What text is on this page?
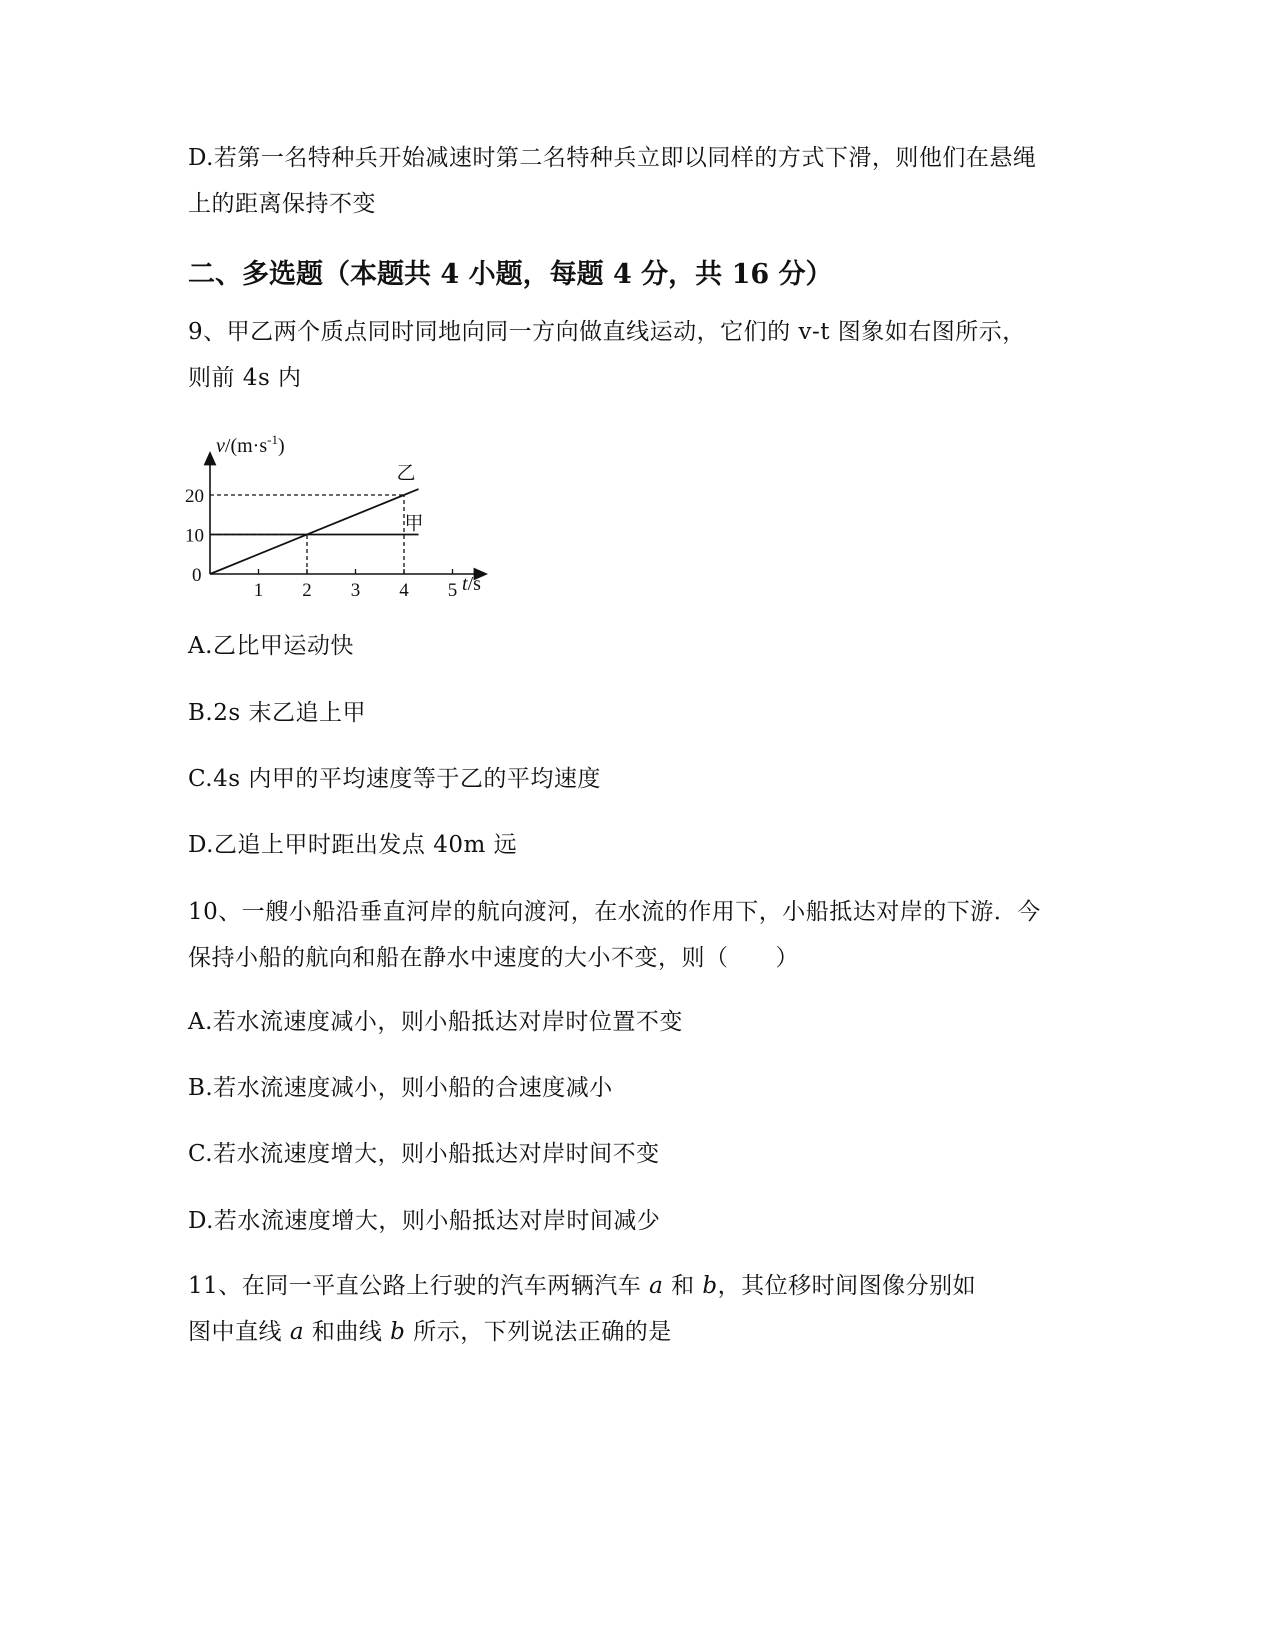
D.若第一名特种兵开始减速时第二名特种兵立即以同样的方式下滑，则他们在悬绳
上的距离保持不变
二、多选题（本题共 4 小题，每题 4 分，共 16 分）
9、甲乙两个质点同时同地向同一方向做直线运动，它们的 v-t 图象如右图所示，
则前 4s 内
1 2 3 4 5
10
20
甲
乙
$v/(m\cdot s^{-1})$
t/s
0
A.乙比甲运动快
B.2s 末乙追上甲
C.4s 内甲的平均速度等于乙的平均速度
D.乙追上甲时距出发点 40m 远
10、一艘小船沿垂直河岸的航向渡河，在水流的作用下，小船抵达对岸的下游．今
保持小船的航向和船在静水中速度的大小不变，则（　　）
A.若水流速度减小，则小船抵达对岸时位置不变
B.若水流速度减小，则小船的合速度减小
C.若水流速度增大，则小船抵达对岸时间不变
D.若水流速度增大，则小船抵达对岸时间减少
11、在同一平直公路上行驶的汽车两辆汽车 a 和 b，其位移时间图像分别如
图中直线 a 和曲线 b 所示，下列说法正确的是
